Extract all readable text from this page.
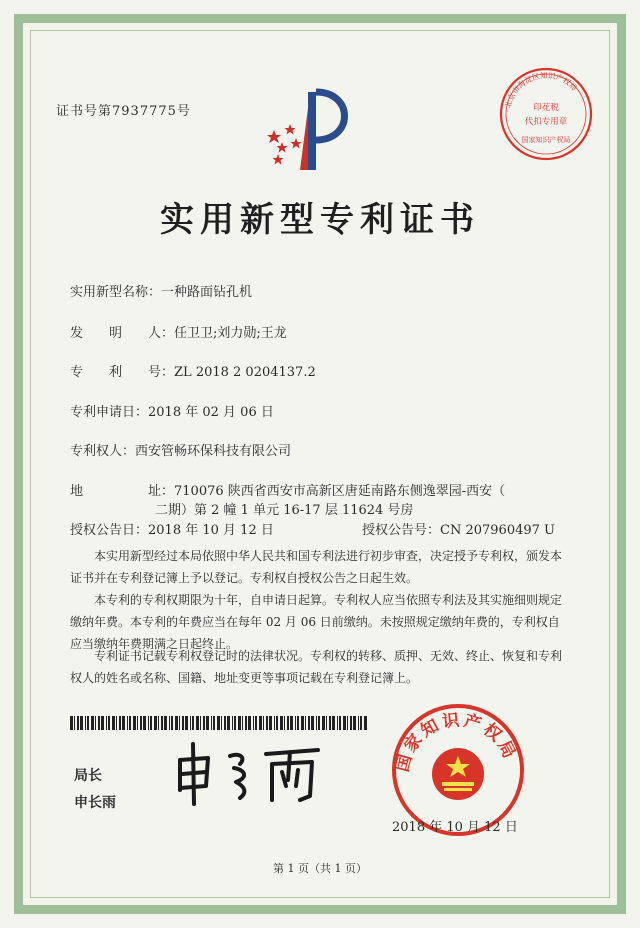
证书号第7937775号	北京市海淀区知识产权局
印花税
代扣专用章
国家知识产权局
实用新型专利证书
实用新型名称：一种路面钻孔机
发　　明　　人：任卫卫;刘力勋;王龙
专　　利　　号：ZL 2018 2 0204137.2
专利申请日：2018 年 02 月 06 日
专利权人：西安管畅环保科技有限公司
地　　　　　址：710076 陕西省西安市高新区唐延南路东侧逸翠园-西安（
二期）第 2 幢 1 单元 16-17 层 11624 号房
授权公告日：2018 年 10 月 12 日	授权公告号：CN 207960497 U
　　本实用新型经过本局依照中华人民共和国专利法进行初步审查，决定授予专利权，颁发本证书并在专利登记簿上予以登记。专利权自授权公告之日起生效。
　　本专利的专利权期限为十年，自申请日起算。专利权人应当依照专利法及其实施细则规定缴纳年费。本专利的年费应当在每年 02 月 06 日前缴纳。未按照规定缴纳年费的，专利权自应当缴纳年费期满之日起终止。
　　专利证书记载专利权登记时的法律状况。专利权的转移、质押、无效、终止、恢复和专利权人的姓名或名称、国籍、地址变更等事项记载在专利登记簿上。
局长
申长雨
国家知识产权局
2018 年 10 月 12 日
第 1 页（共 1 页）
